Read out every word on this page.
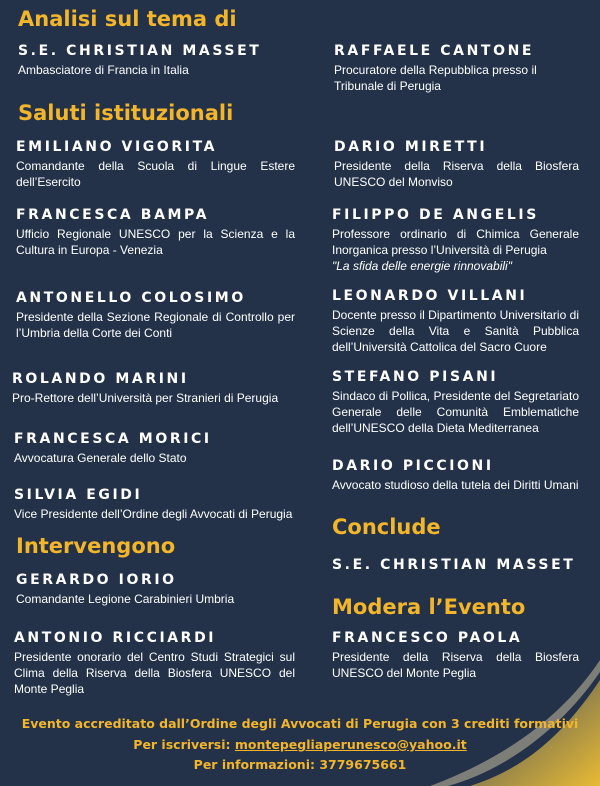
Analisi sul tema di
Saluti istituzionali
Intervengono
Conclude
Modera l’Evento
S.E. CHRISTIAN MASSET
Ambasciatore di Francia in Italia
EMILIANO VIGORITA
Comandante della Scuola di Lingue Estere dell’Esercito
FRANCESCA BAMPA
Ufficio Regionale UNESCO per la Scienza e la Cultura in Europa - Venezia
ANTONELLO COLOSIMO
Presidente della Sezione Regionale di Controllo per l’Umbria della Corte dei Conti
ROLANDO MARINI
Pro-Rettore dell’Università per Stranieri di Perugia
FRANCESCA MORICI
Avvocatura Generale dello Stato
SILVIA EGIDI
Vice Presidente dell’Ordine degli Avvocati di Perugia
GERARDO IORIO
Comandante Legione Carabinieri Umbria
ANTONIO RICCIARDI
Presidente onorario del Centro Studi Strategici sul Clima della Riserva della Biosfera UNESCO del Monte Peglia
RAFFAELE CANTONE
Procuratore della Repubblica presso il Tribunale di Perugia
DARIO MIRETTI
Presidente della Riserva della Biosfera UNESCO del Monviso
FILIPPO DE ANGELIS
Professore ordinario di Chimica Generale Inorganica presso l’Università di Perugia
"La sfida delle energie rinnovabili"
LEONARDO VILLANI
Docente presso il Dipartimento Universitario di Scienze della Vita e Sanità Pubblica dell’Università Cattolica del Sacro Cuore
STEFANO PISANI
Sindaco di Pollica, Presidente del Segretariato Generale delle Comunità Emblematiche dell’UNESCO della Dieta Mediterranea
DARIO PICCIONI
Avvocato studioso della tutela dei Diritti Umani
S.E. CHRISTIAN MASSET
FRANCESCO PAOLA
Presidente della Riserva della Biosfera UNESCO del Monte Peglia
Evento accreditato dall’Ordine degli Avvocati di Perugia con 3 crediti formativi
Per iscriversi: montepegliaperunesco@yahoo.it
Per informazioni: 3779675661
